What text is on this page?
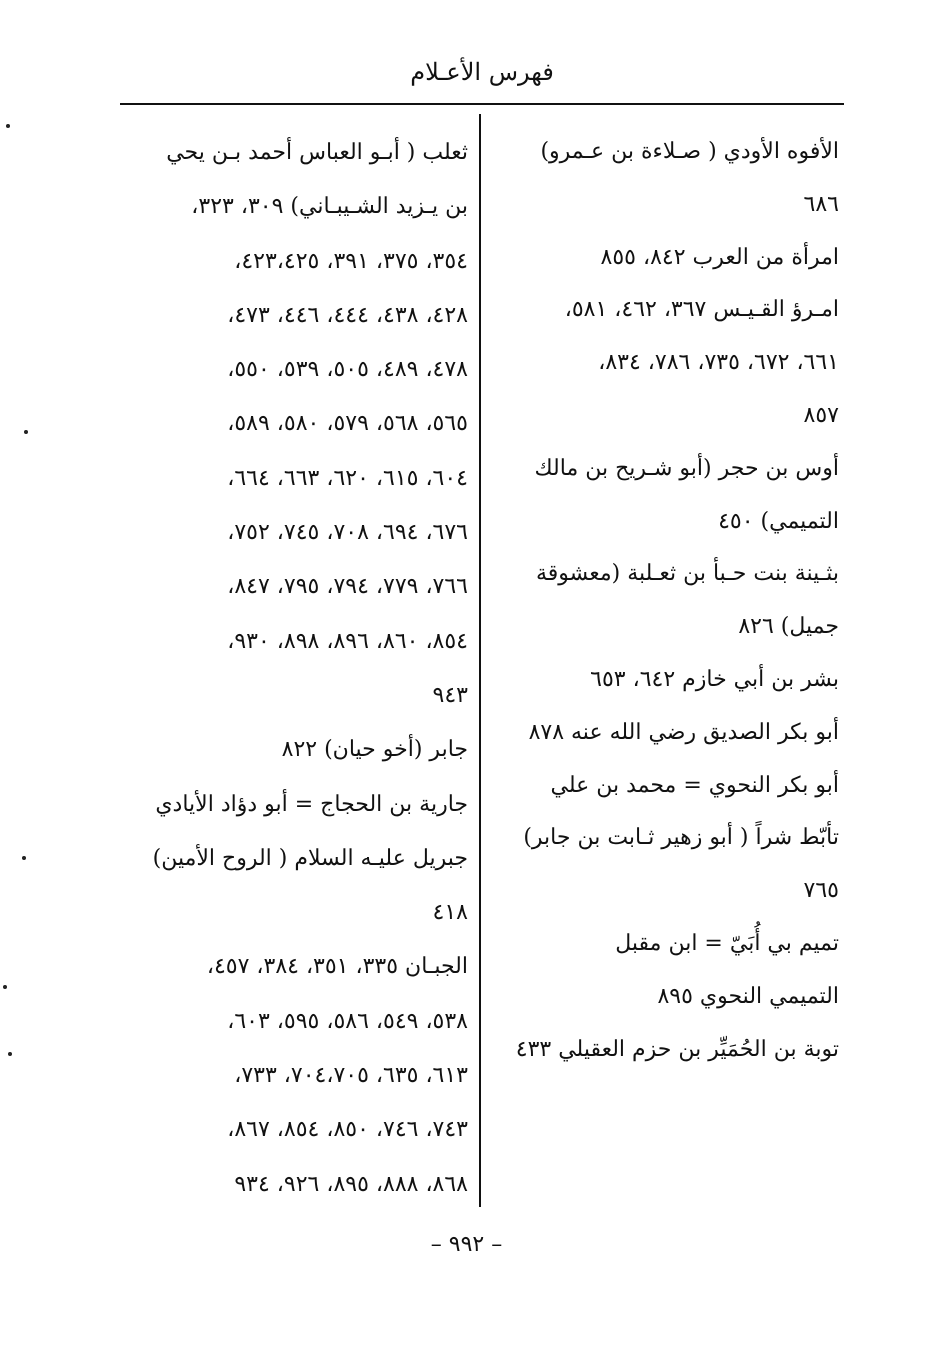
فهرس الأعـلام
الأفوه الأودي ( صـلاءة بن عـمرو)
٦٨٦
امرأة من العرب ٨٤٢، ٨٥٥
امـرؤ القـيـس ٣٦٧، ٤٦٢، ٥٨١،
٦٦١، ٦٧٢، ٧٣٥، ٧٨٦، ٨٣٤،
٨٥٧
أوس بن حجر (أبو شـريح بن مالك
التميمي) ٤٥٠
بثـينة بنت حـبأ بن ثعـلبة (معشوقة
جميل) ٨٢٦
بشر بن أبي خازم ٦٤٢، ٦٥٣
أبو بكر الصديق رضي الله عنه ٨٧٨
أبو بكر النحوي = محمد بن علي
تأبّط شراً ( أبو زهير ثـابت بن جابر)
٧٦٥
تميم بي أُبَيّ = ابن مقبل
التميمي النحوي ٨٩٥
توبة بن الحُمَيِّر بن حزم العقيلي ٤٣٣
ثعلب ( أبـو العباس أحمد بـن يحي
بن يـزيد الشـيبـاني) ٣٠٩، ٣٢٣،
٣٥٤، ٣٧٥، ٣٩١، ٤٢٣،٤٢٥،
٤٢٨، ٤٣٨، ٤٤٤، ٤٤٦، ٤٧٣،
٤٧٨، ٤٨٩، ٥٠٥، ٥٣٩، ٥٥٠،
٥٦٥، ٥٦٨، ٥٧٩، ٥٨٠، ٥٨٩،
٦٠٤، ٦١٥، ٦٢٠، ٦٦٣، ٦٦٤،
٦٧٦، ٦٩٤، ٧٠٨، ٧٤٥، ٧٥٢،
٧٦٦، ٧٧٩، ٧٩٤، ٧٩٥، ٨٤٧،
٨٥٤، ٨٦٠، ٨٩٦، ٨٩٨، ٩٣٠،
٩٤٣
جابر (أخو حيان) ٨٢٢
جارية بن الحجاج = أبو دؤاد الأيادي
جبريل عليـه السلام ( الروح الأمين)
٤١٨
الجبـان ٣٣٥، ٣٥١، ٣٨٤، ٤٥٧،
٥٣٨، ٥٤٩، ٥٨٦، ٥٩٥، ٦٠٣،
٦١٣، ٦٣٥، ٧٠٤،٧٠٥، ٧٣٣،
٧٤٣، ٧٤٦، ٨٥٠، ٨٥٤، ٨٦٧،
٨٦٨، ٨٨٨، ٨٩٥، ٩٢٦، ٩٣٤
– ٩٩٢ –
